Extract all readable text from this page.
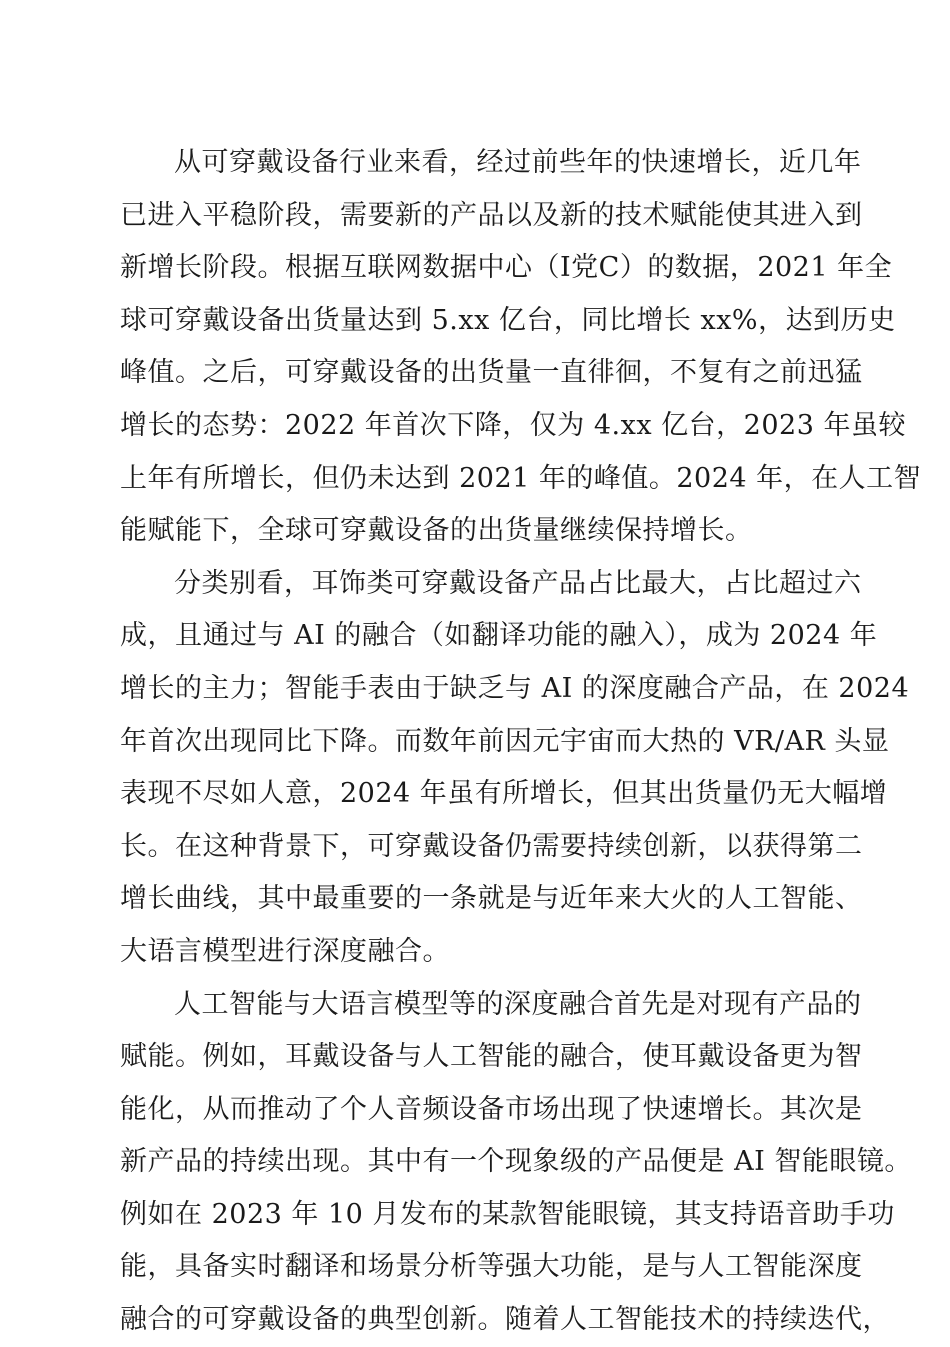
从可穿戴设备行业来看，经过前些年的快速增长，近几年
已进入平稳阶段，需要新的产品以及新的技术赋能使其进入到
新增长阶段。根据互联网数据中心（I党C）的数据，2021 年全
球可穿戴设备出货量达到 5.xx 亿台，同比增长 xx%，达到历史
峰值。之后，可穿戴设备的出货量一直徘徊，不复有之前迅猛
增长的态势：2022 年首次下降，仅为 4.xx 亿台，2023 年虽较
上年有所增长，但仍未达到 2021 年的峰值。2024 年，在人工智
能赋能下，全球可穿戴设备的出货量继续保持增长。
分类别看，耳饰类可穿戴设备产品占比最大，占比超过六
成，且通过与 AI 的融合（如翻译功能的融入），成为 2024 年
增长的主力；智能手表由于缺乏与 AI 的深度融合产品，在 2024
年首次出现同比下降。而数年前因元宇宙而大热的 VR/AR 头显
表现不尽如人意，2024 年虽有所增长，但其出货量仍无大幅增
长。在这种背景下，可穿戴设备仍需要持续创新，以获得第二
增长曲线，其中最重要的一条就是与近年来大火的人工智能、
大语言模型进行深度融合。
人工智能与大语言模型等的深度融合首先是对现有产品的
赋能。例如，耳戴设备与人工智能的融合，使耳戴设备更为智
能化，从而推动了个人音频设备市场出现了快速增长。其次是
新产品的持续出现。其中有一个现象级的产品便是 AI 智能眼镜。
例如在 2023 年 10 月发布的某款智能眼镜，其支持语音助手功
能，具备实时翻译和场景分析等强大功能，是与人工智能深度
融合的可穿戴设备的典型创新。随着人工智能技术的持续迭代，
